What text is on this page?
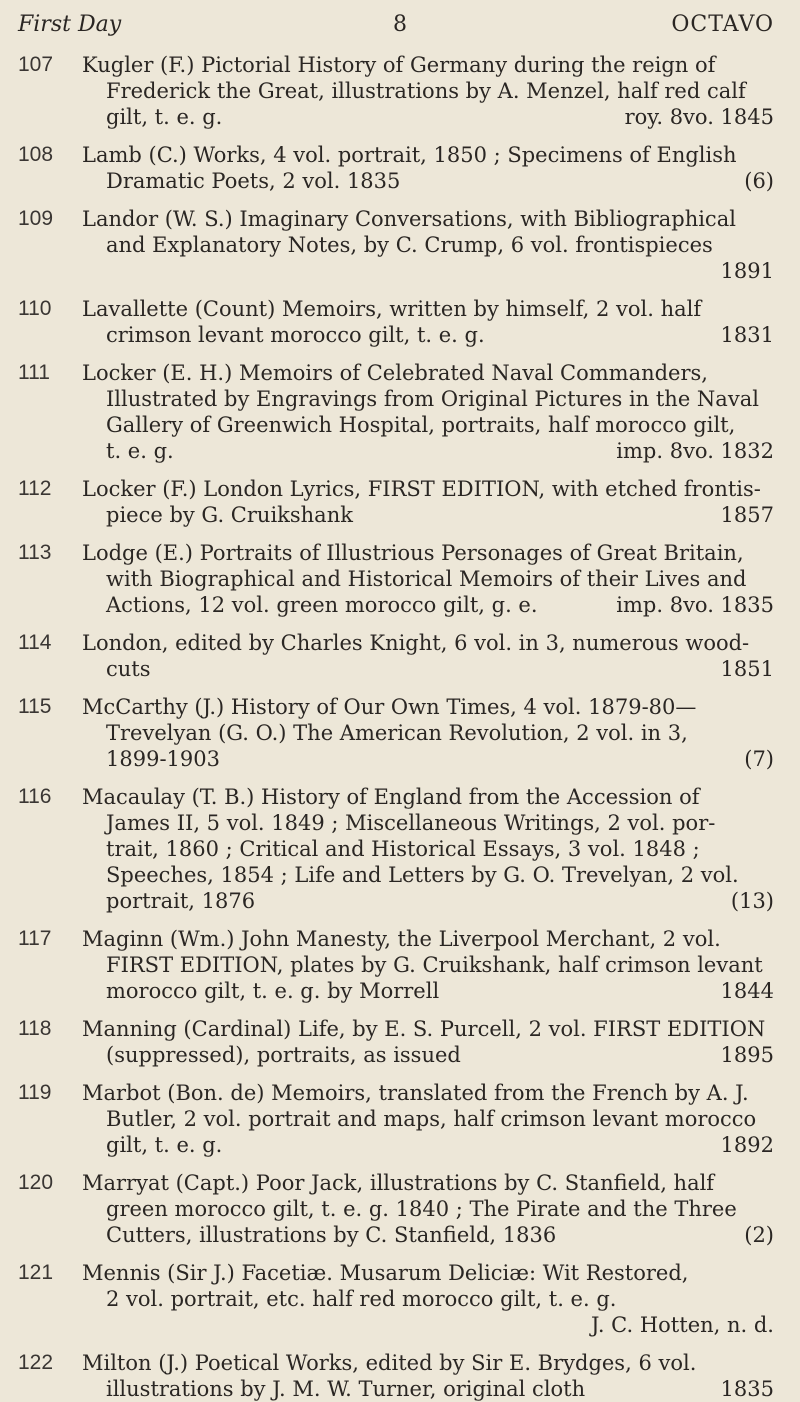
First Day	8	OCTAVO
107	Kugler (F.) Pictorial History of Germany during the reign of
Frederick the Great, illustrations by A. Menzel, half red calf
gilt, t. e. g.	roy. 8vo. 1845
108	Lamb (C.) Works, 4 vol. portrait, 1850 ; Specimens of English
Dramatic Poets, 2 vol. 1835	(6)
109	Landor (W. S.) Imaginary Conversations, with Bibliographical
and Explanatory Notes, by C. Crump, 6 vol. frontispieces
1891
110	Lavallette (Count) Memoirs, written by himself, 2 vol. half
crimson levant morocco gilt, t. e. g.	1831
111	Locker (E. H.) Memoirs of Celebrated Naval Commanders,
Illustrated by Engravings from Original Pictures in the Naval
Gallery of Greenwich Hospital, portraits, half morocco gilt,
t. e. g.	imp. 8vo. 1832
112	Locker (F.) London Lyrics, FIRST EDITION, with etched frontis-
piece by G. Cruikshank	1857
113	Lodge (E.) Portraits of Illustrious Personages of Great Britain,
with Biographical and Historical Memoirs of their Lives and
Actions, 12 vol. green morocco gilt, g. e.	imp. 8vo. 1835
114	London, edited by Charles Knight, 6 vol. in 3, numerous wood-
cuts	1851
115	McCarthy (J.) History of Our Own Times, 4 vol. 1879-80—
Trevelyan (G. O.) The American Revolution, 2 vol. in 3,
1899-1903	(7)
116	Macaulay (T. B.) History of England from the Accession of
James II, 5 vol. 1849 ; Miscellaneous Writings, 2 vol. por-
trait, 1860 ; Critical and Historical Essays, 3 vol. 1848 ;
Speeches, 1854 ; Life and Letters by G. O. Trevelyan, 2 vol.
portrait, 1876	(13)
117	Maginn (Wm.) John Manesty, the Liverpool Merchant, 2 vol.
FIRST EDITION, plates by G. Cruikshank, half crimson levant
morocco gilt, t. e. g. by Morrell	1844
118	Manning (Cardinal) Life, by E. S. Purcell, 2 vol. FIRST EDITION
(suppressed), portraits, as issued	1895
119	Marbot (Bon. de) Memoirs, translated from the French by A. J.
Butler, 2 vol. portrait and maps, half crimson levant morocco
gilt, t. e. g.	1892
120	Marryat (Capt.) Poor Jack, illustrations by C. Stanfield, half
green morocco gilt, t. e. g. 1840 ; The Pirate and the Three
Cutters, illustrations by C. Stanfield, 1836	(2)
121	Mennis (Sir J.) Facetiæ. Musarum Deliciæ: Wit Restored,
2 vol. portrait, etc. half red morocco gilt, t. e. g.
J. C. Hotten, n. d.
122	Milton (J.) Poetical Works, edited by Sir E. Brydges, 6 vol.
illustrations by J. M. W. Turner, original cloth	1835
